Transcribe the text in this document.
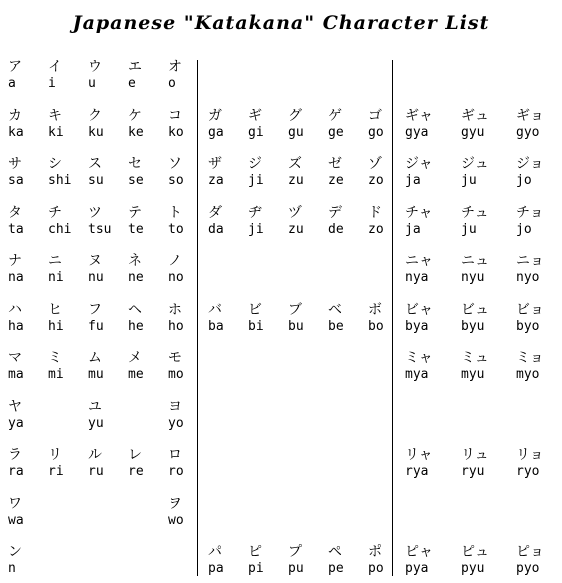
Japanese "Katakana" Character List
ア
a
イ
i
ウ
u
エ
e
オ
o
カ
ka
キ
ki
ク
ku
ケ
ke
コ
ko
サ
sa
シ
shi
ス
su
セ
se
ソ
so
タ
ta
チ
chi
ツ
tsu
テ
te
ト
to
ナ
na
ニ
ni
ヌ
nu
ネ
ne
ノ
no
ハ
ha
ヒ
hi
フ
fu
ヘ
he
ホ
ho
マ
ma
ミ
mi
ム
mu
メ
me
モ
mo
ヤ
ya
ユ
yu
ヨ
yo
ラ
ra
リ
ri
ル
ru
レ
re
ロ
ro
ワ
wa
ヲ
wo
ン
n
ガ
ga
ギ
gi
グ
gu
ゲ
ge
ゴ
go
ザ
za
ジ
ji
ズ
zu
ゼ
ze
ゾ
zo
ダ
da
ヂ
ji
ヅ
zu
デ
de
ド
zo
バ
ba
ビ
bi
ブ
bu
ベ
be
ボ
bo
パ
pa
ピ
pi
プ
pu
ペ
pe
ポ
po
ギャ
gya
ギュ
gyu
ギョ
gyo
ジャ
ja
ジュ
ju
ジョ
jo
チャ
ja
チュ
ju
チョ
jo
ニャ
nya
ニュ
nyu
ニョ
nyo
ビャ
bya
ビュ
byu
ビョ
byo
ミャ
mya
ミュ
myu
ミョ
myo
リャ
rya
リュ
ryu
リョ
ryo
ピャ
pya
ピュ
pyu
ピョ
pyo
